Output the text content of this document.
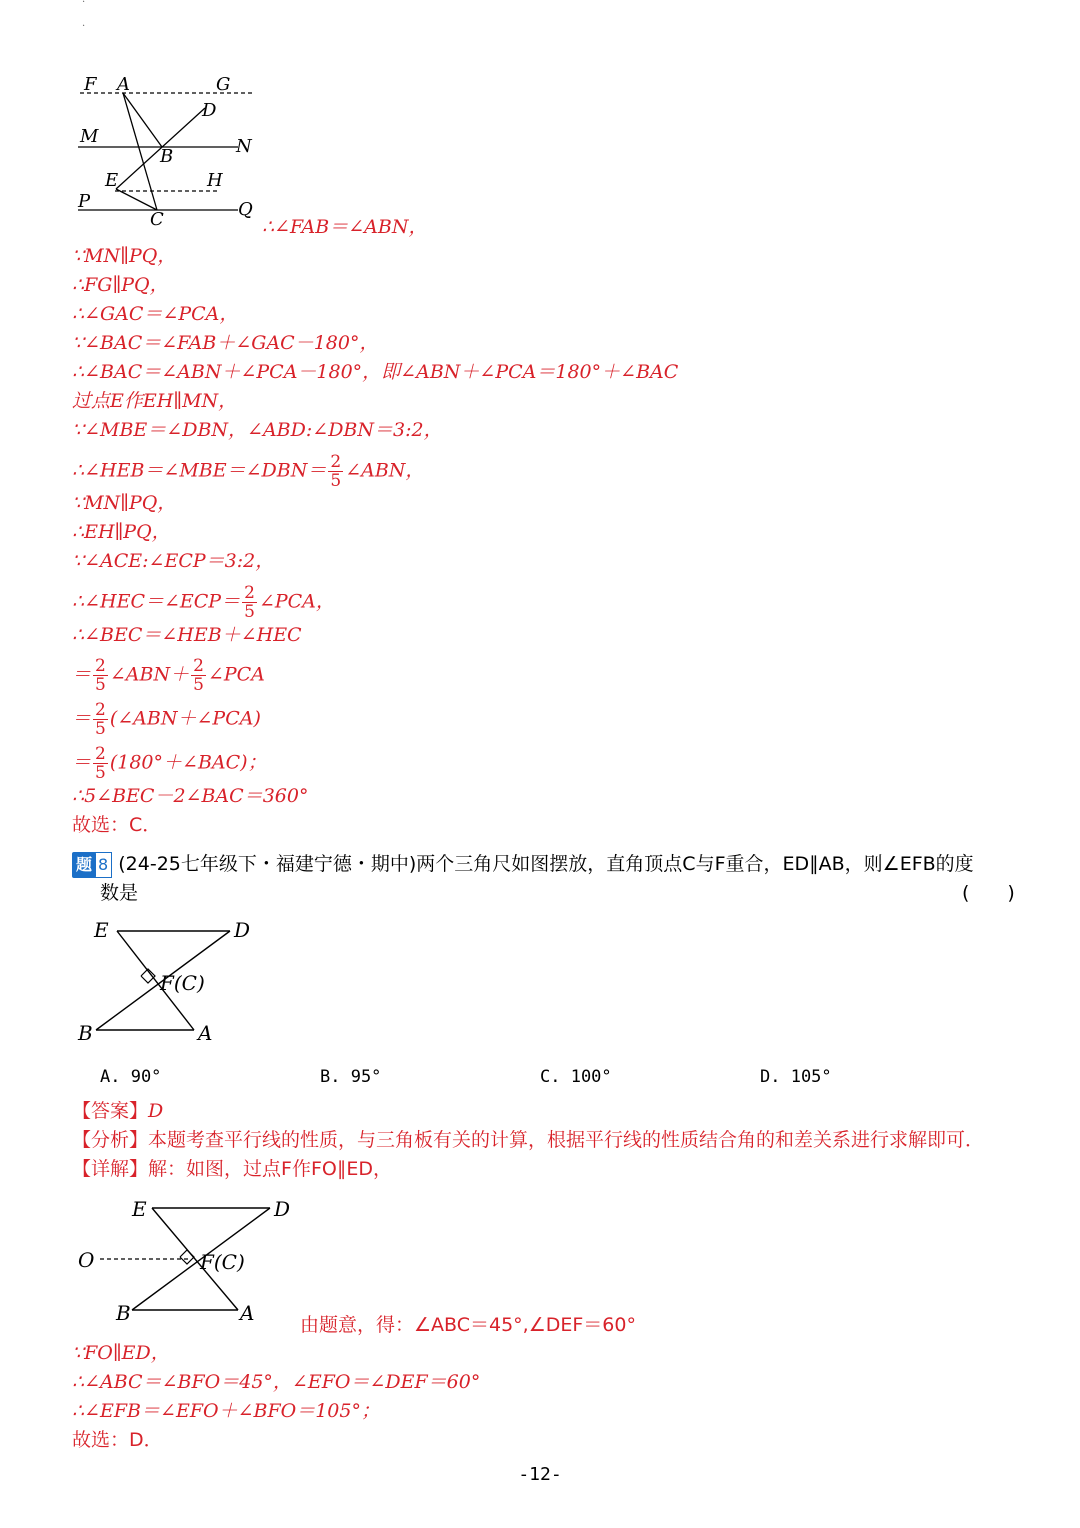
.
F A	G
D
M
B	N
E	H
P
C	Q
∴∠FAB＝∠ABN，
∵MN∥PQ，
∴FG∥PQ，
∴∠GAC＝∠PCA，
∵∠BAC＝∠FAB＋∠GAC－180°，
∴∠BAC＝∠ABN＋∠PCA－180°，即∠ABN＋∠PCA＝180°＋∠BAC
过点E作EH∥MN，
∵∠MBE＝∠DBN，∠ABD:∠DBN＝3:2，
∴∠HEB＝∠MBE＝∠DBN＝ $\frac{2}{5}$ ∠ABN，
∵MN∥PQ，
∴EH∥PQ，
∵∠ACE:∠ECP＝3:2，
∴∠HEC＝∠ECP＝ $\frac{2}{5}$ ∠PCA，
∴∠BEC＝∠HEB＋∠HEC
＝ $\frac{2}{5}$ ∠ABN＋ $\frac{2}{5}$ ∠PCA
＝ $\frac{2}{5}$ (∠ABN＋∠PCA)
＝ $\frac{2}{5}$ (180°＋∠BAC)；
∴5∠BEC－2∠BAC＝360°
故选：C．
题 8 (24-25七年级下・福建宁德・期中)两个三角尺如图摆放，直角顶点C与F重合，ED∥AB，则∠EFB的度
数是	(　　)
E	D
F(C)
B	A
A. 90°	B. 95°	C. 100°	D. 105°
【答案】D
【分析】本题考查平行线的性质，与三角板有关的计算，根据平行线的性质结合角的和差关系进行求解即可．
【详解】解：如图，过点F作FO∥ED，
E	D
O	F(C)
B	A 由题意，得：∠ABC＝45°,∠DEF＝60°
∵FO∥ED，
∴∠ABC＝∠BFO＝45°，∠EFO＝∠DEF＝60°
∴∠EFB＝∠EFO＋∠BFO＝105°；
故选：D．
-12-
